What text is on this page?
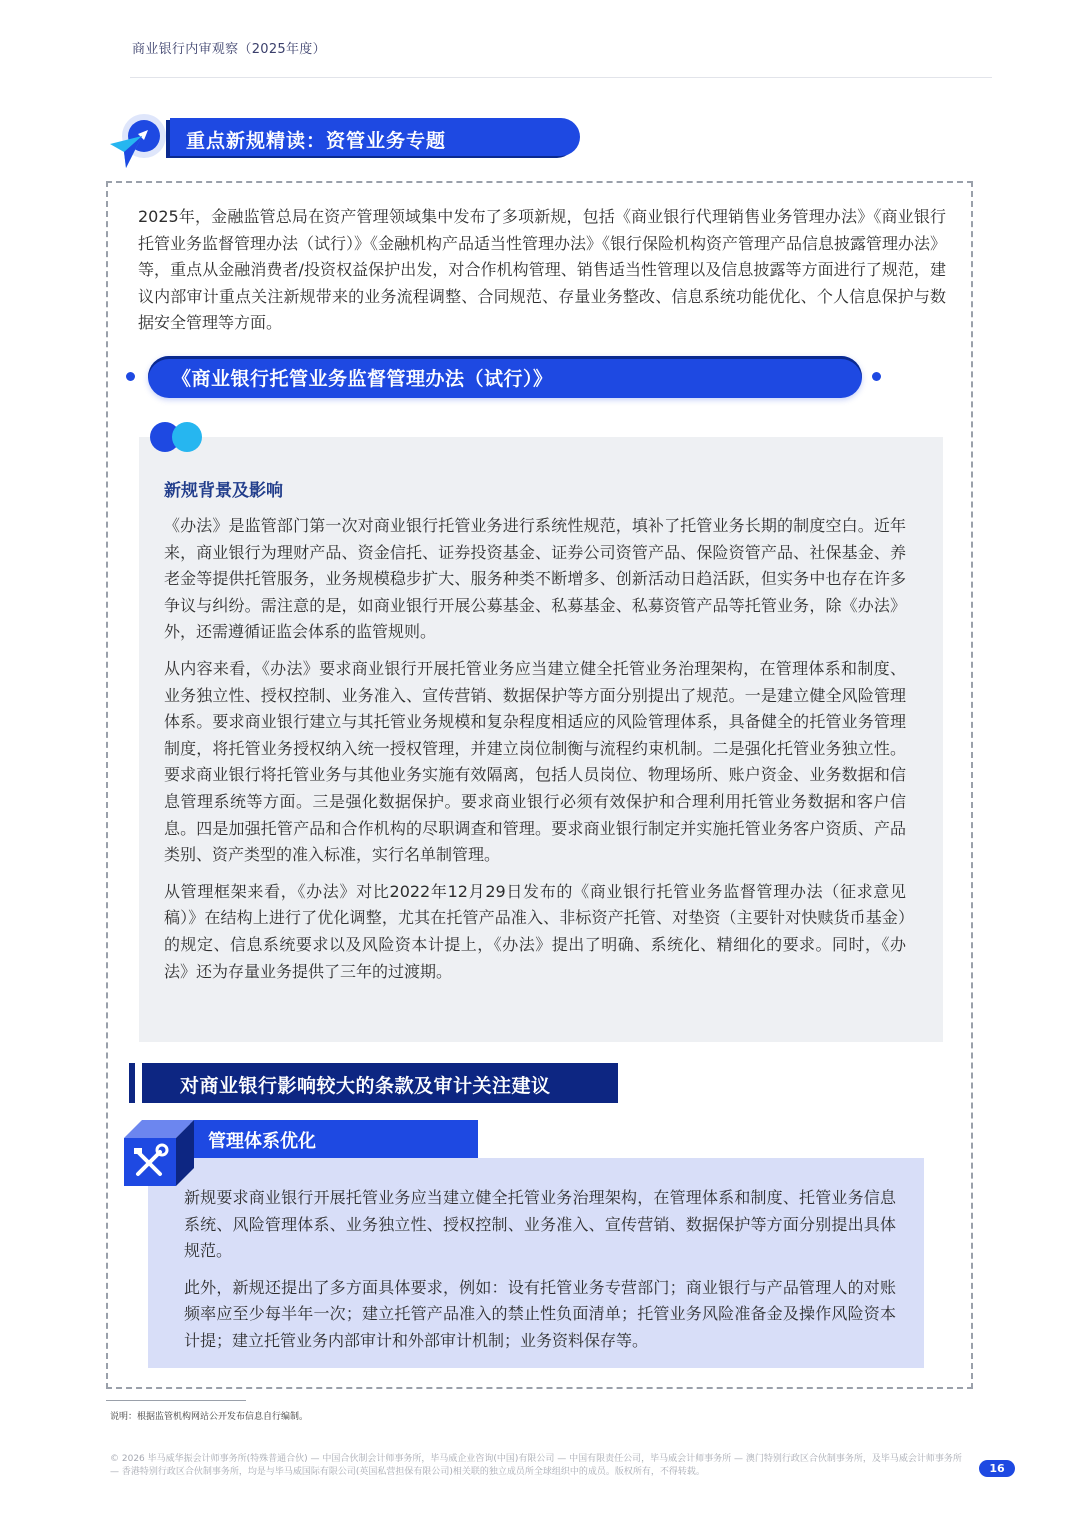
商业银行内审观察（2025年度）
重点新规精读：资管业务专题
2025年，金融监管总局在资产管理领域集中发布了多项新规，包括《商业银行代理销售业务管理办法》《商业银行托管业务监督管理办法（试行）》《金融机构产品适当性管理办法》《银行保险机构资产管理产品信息披露管理办法》等，重点从金融消费者/投资权益保护出发，对合作机构管理、销售适当性管理以及信息披露等方面进行了规范，建议内部审计重点关注新规带来的业务流程调整、合同规范、存量业务整改、信息系统功能优化、个人信息保护与数据安全管理等方面。
《商业银行托管业务监督管理办法（试行）》
新规背景及影响

《办法》是监管部门第一次对商业银行托管业务进行系统性规范，填补了托管业务长期的制度空白。近年来，商业银行为理财产品、资金信托、证券投资基金、证券公司资管产品、保险资管产品、社保基金、养老金等提供托管服务，业务规模稳步扩大、服务种类不断增多、创新活动日趋活跃，但实务中也存在许多争议与纠纷。需注意的是，如商业银行开展公募基金、私募基金、私募资管产品等托管业务，除《办法》外，还需遵循证监会体系的监管规则。

从内容来看，《办法》要求商业银行开展托管业务应当建立健全托管业务治理架构，在管理体系和制度、业务独立性、授权控制、业务准入、宣传营销、数据保护等方面分别提出了规范。一是建立健全风险管理体系。要求商业银行建立与其托管业务规模和复杂程度相适应的风险管理体系，具备健全的托管业务管理制度，将托管业务授权纳入统一授权管理，并建立岗位制衡与流程约束机制。二是强化托管业务独立性。要求商业银行将托管业务与其他业务实施有效隔离，包括人员岗位、物理场所、账户资金、业务数据和信息管理系统等方面。三是强化数据保护。要求商业银行必须有效保护和合理利用托管业务数据和客户信息。四是加强托管产品和合作机构的尽职调查和管理。要求商业银行制定并实施托管业务客户资质、产品类别、资产类型的准入标准，实行名单制管理。

从管理框架来看，《办法》对比2022年12月29日发布的《商业银行托管业务监督管理办法（征求意见稿）》在结构上进行了优化调整，尤其在托管产品准入、非标资产托管、对垫资（主要针对快赎货币基金）的规定、信息系统要求以及风险资本计提上，《办法》提出了明确、系统化、精细化的要求。同时，《办法》还为存量业务提供了三年的过渡期。

对商业银行影响较大的条款及审计关注建议
管理体系优化

新规要求商业银行开展托管业务应当建立健全托管业务治理架构，在管理体系和制度、托管业务信息系统、风险管理体系、业务独立性、授权控制、业务准入、宣传营销、数据保护等方面分别提出具体规范。

此外，新规还提出了多方面具体要求，例如：设有托管业务专营部门；商业银行与产品管理人的对账频率应至少每半年一次；建立托管产品准入的禁止性负面清单；托管业务风险准备金及操作风险资本计提；建立托管业务内部审计和外部审计机制；业务资料保存等。

说明：根据监管机构网站公开发布信息自行编制。
© 2026 毕马威华振会计师事务所(特殊普通合伙) — 中国合伙制会计师事务所，毕马威企业咨询(中国)有限公司 — 中国有限责任公司，毕马威会计师事务所 — 澳门特别行政区合伙制事务所，及毕马威会计师事务所 — 香港特别行政区合伙制事务所，均是与毕马威国际有限公司(英国私营担保有限公司)相关联的独立成员所全球组织中的成员。版权所有，不得转载。	16
